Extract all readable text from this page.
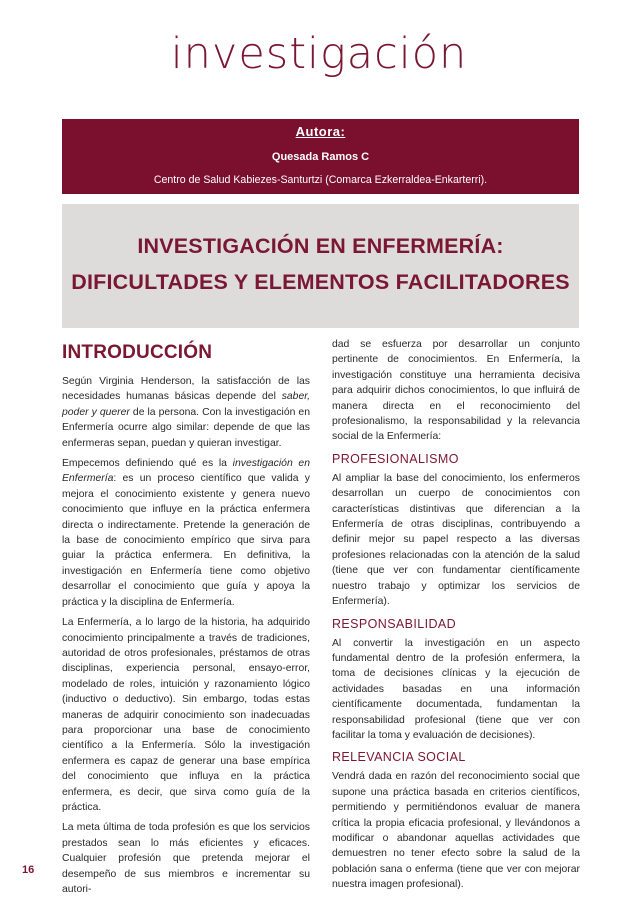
investigación
Autora:
Quesada Ramos C
Centro de Salud Kabiezes-Santurtzi (Comarca Ezkerraldea-Enkarterri).
INVESTIGACIÓN EN ENFERMERÍA:
DIFICULTADES Y ELEMENTOS FACILITADORES
INTRODUCCIÓN

Según Virginia Henderson, la satisfacción de las necesidades humanas básicas depende del saber, poder y querer de la persona. Con la investigación en Enfermería ocurre algo similar: depende de que las enfermeras sepan, puedan y quieran investigar.

Empecemos definiendo qué es la investigación en Enfermería: es un proceso científico que valida y mejora el conocimiento existente y genera nuevo conocimiento que influye en la práctica enfermera directa o indirectamente. Pretende la generación de la base de conocimiento empírico que sirva para guiar la práctica enfermera. En definitiva, la investigación en Enfermería tiene como objetivo desarrollar el conocimiento que guía y apoya la práctica y la disciplina de Enfermería.

La Enfermería, a lo largo de la historia, ha adquirido conocimiento principalmente a través de tradiciones, autoridad de otros profesionales, préstamos de otras disciplinas, experiencia personal, ensayo-error, modelado de roles, intuición y razonamiento lógico (inductivo o deductivo). Sin embargo, todas estas maneras de adquirir conocimiento son inadecuadas para proporcionar una base de conocimiento científico a la Enfermería. Sólo la investigación enfermera es capaz de generar una base empírica del conocimiento que influya en la práctica enfermera, es decir, que sirva como guía de la práctica.

La meta última de toda profesión es que los servicios prestados sean lo más eficientes y eficaces. Cualquier profesión que pretenda mejorar el desempeño de sus miembros e incrementar su autori-

dad se esfuerza por desarrollar un conjunto pertinente de conocimientos. En Enfermería, la investigación constituye una herramienta decisiva para adquirir dichos conocimientos, lo que influirá de manera directa en el reconocimiento del profesionalismo, la responsabilidad y la relevancia social de la Enfermería:

PROFESIONALISMO

Al ampliar la base del conocimiento, los enfermeros desarrollan un cuerpo de conocimientos con características distintivas que diferencian a la Enfermería de otras disciplinas, contribuyendo a definir mejor su papel respecto a las diversas profesiones relacionadas con la atención de la salud (tiene que ver con fundamentar científicamente nuestro trabajo y optimizar los servicios de Enfermería).

RESPONSABILIDAD

Al convertir la investigación en un aspecto fundamental dentro de la profesión enfermera, la toma de decisiones clínicas y la ejecución de actividades basadas en una información científicamente documentada, fundamentan la responsabilidad profesional (tiene que ver con facilitar la toma y evaluación de decisiones).

RELEVANCIA SOCIAL

Vendrá dada en razón del reconocimiento social que supone una práctica basada en criterios científicos, permitiendo y permitiéndonos evaluar de manera crítica la propia eficacia profesional, y llevándonos a modificar o abandonar aquellas actividades que demuestren no tener efecto sobre la salud de la población sana o enferma (tiene que ver con mejorar nuestra imagen profesional).

16
